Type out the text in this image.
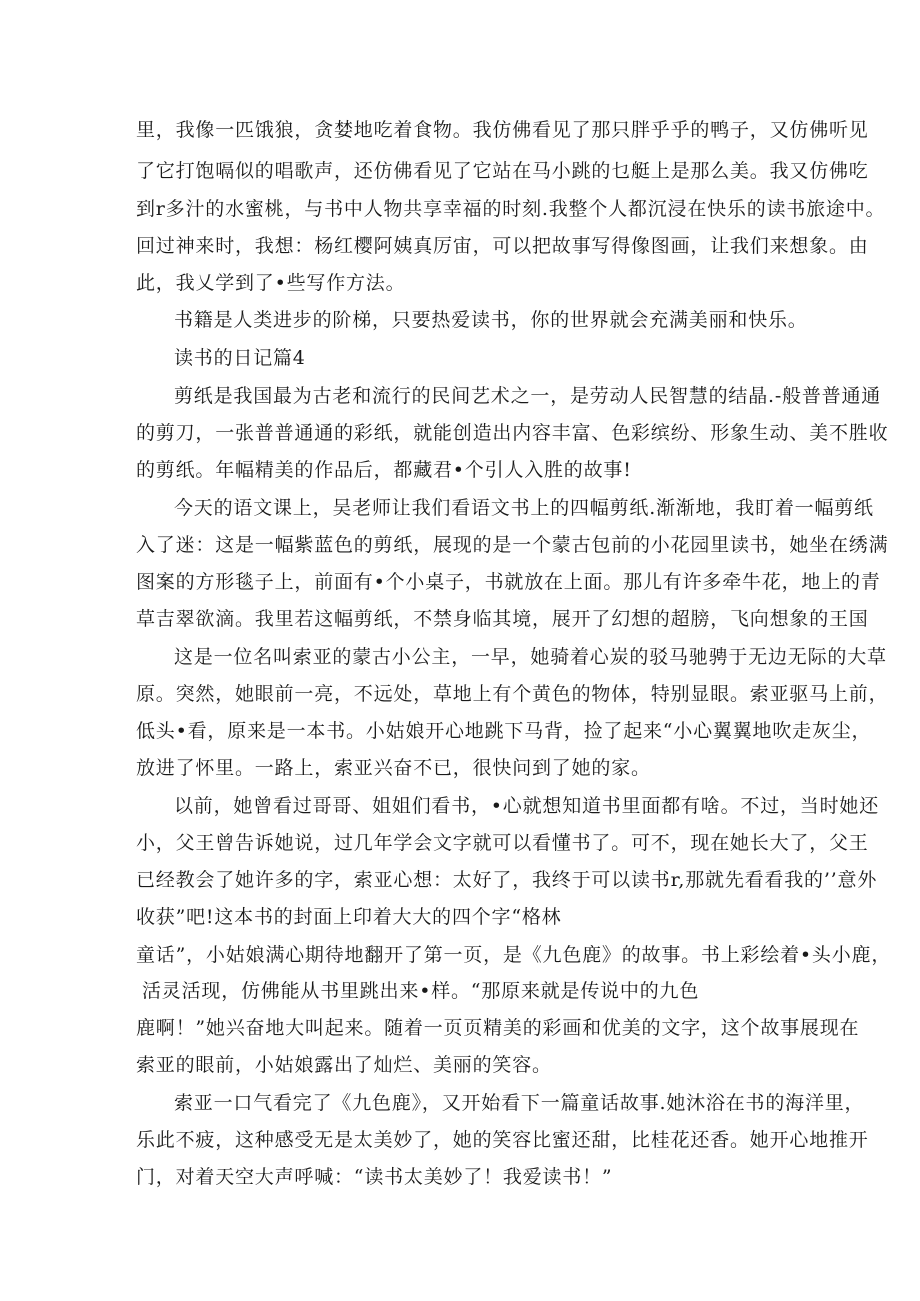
里，我像一匹饿狼，贪婪地吃着食物。我仿佛看见了那只胖乎乎的鸭子，又仿佛听见
了它打饱嗝似的唱歌声，还仿佛看见了它站在马小跳的乜艇上是那么美。我又仿佛吃
到r多汁的水蜜桃，与书中人物共享幸福的时刻.我整个人都沉浸在快乐的读书旅途中。
回过神来时，我想：杨红樱阿姨真厉宙，可以把故事写得像图画，让我们来想象。由
此，我乂学到了•些写作方法。
书籍是人类进步的阶梯，只要热爱读书，你的世界就会充满美丽和快乐。
读书的日记篇4
剪纸是我国最为古老和流行的民间艺术之一，是劳动人民智慧的结晶.-般普普通通
的剪刀，一张普普通通的彩纸，就能创造出内容丰富、色彩缤纷、形象生动、美不胜收
的剪纸。年幅精美的作品后，都藏君•个引人入胜的故事!
今天的语文课上，吴老师让我们看语文书上的四幅剪纸.渐渐地，我盯着一幅剪纸
入了迷：这是一幅紫蓝色的剪纸，展现的是一个蒙古包前的小花园里读书，她坐在绣满
图案的方形毯子上，前面有•个小桌子，书就放在上面。那儿有许多牵牛花，地上的青
草吉翠欲滴。我里若这幅剪纸，不禁身临其境，展开了幻想的超膀，飞向想象的王国
这是一位名叫索亚的蒙古小公主，一早，她骑着心炭的驳马驰骋于无边无际的大草
原。突然，她眼前一亮，不远处，草地上有个黄色的物体，特别显眼。索亚驱马上前，
低头•看，原来是一本书。小姑娘开心地跳下马背，捡了起来“小心翼翼地吹走灰尘，
放进了怀里。一路上，索亚兴奋不已，很快问到了她的家。
以前，她曾看过哥哥、姐姐们看书，•心就想知道书里面都有啥。不过，当时她还
小，父王曾告诉她说，过几年学会文字就可以看懂书了。可不，现在她长大了，父王
已经教会了她许多的字，索亚心想：太好了，我终于可以读书r,那就先看看我的’’意外
收获”吧!这本书的封面上印着大大的四个字“格林
童话”，小姑娘满心期待地翻开了第一页，是《九色鹿》的故事。书上彩绘着•头小鹿，
活灵活现，仿佛能从书里跳出来•样。“那原来就是传说中的九色
鹿啊！”她兴奋地大叫起来。随着一页页精美的彩画和优美的文字，这个故事展现在
索亚的眼前，小姑娘露出了灿烂、美丽的笑容。
索亚一口气看完了《九色鹿》，又开始看下一篇童话故事.她沐浴在书的海洋里，
乐此不疲，这种感受无是太美妙了，她的笑容比蜜还甜，比桂花还香。她开心地推开
门，对着天空大声呼喊：“读书太美妙了！我爱读书！”
